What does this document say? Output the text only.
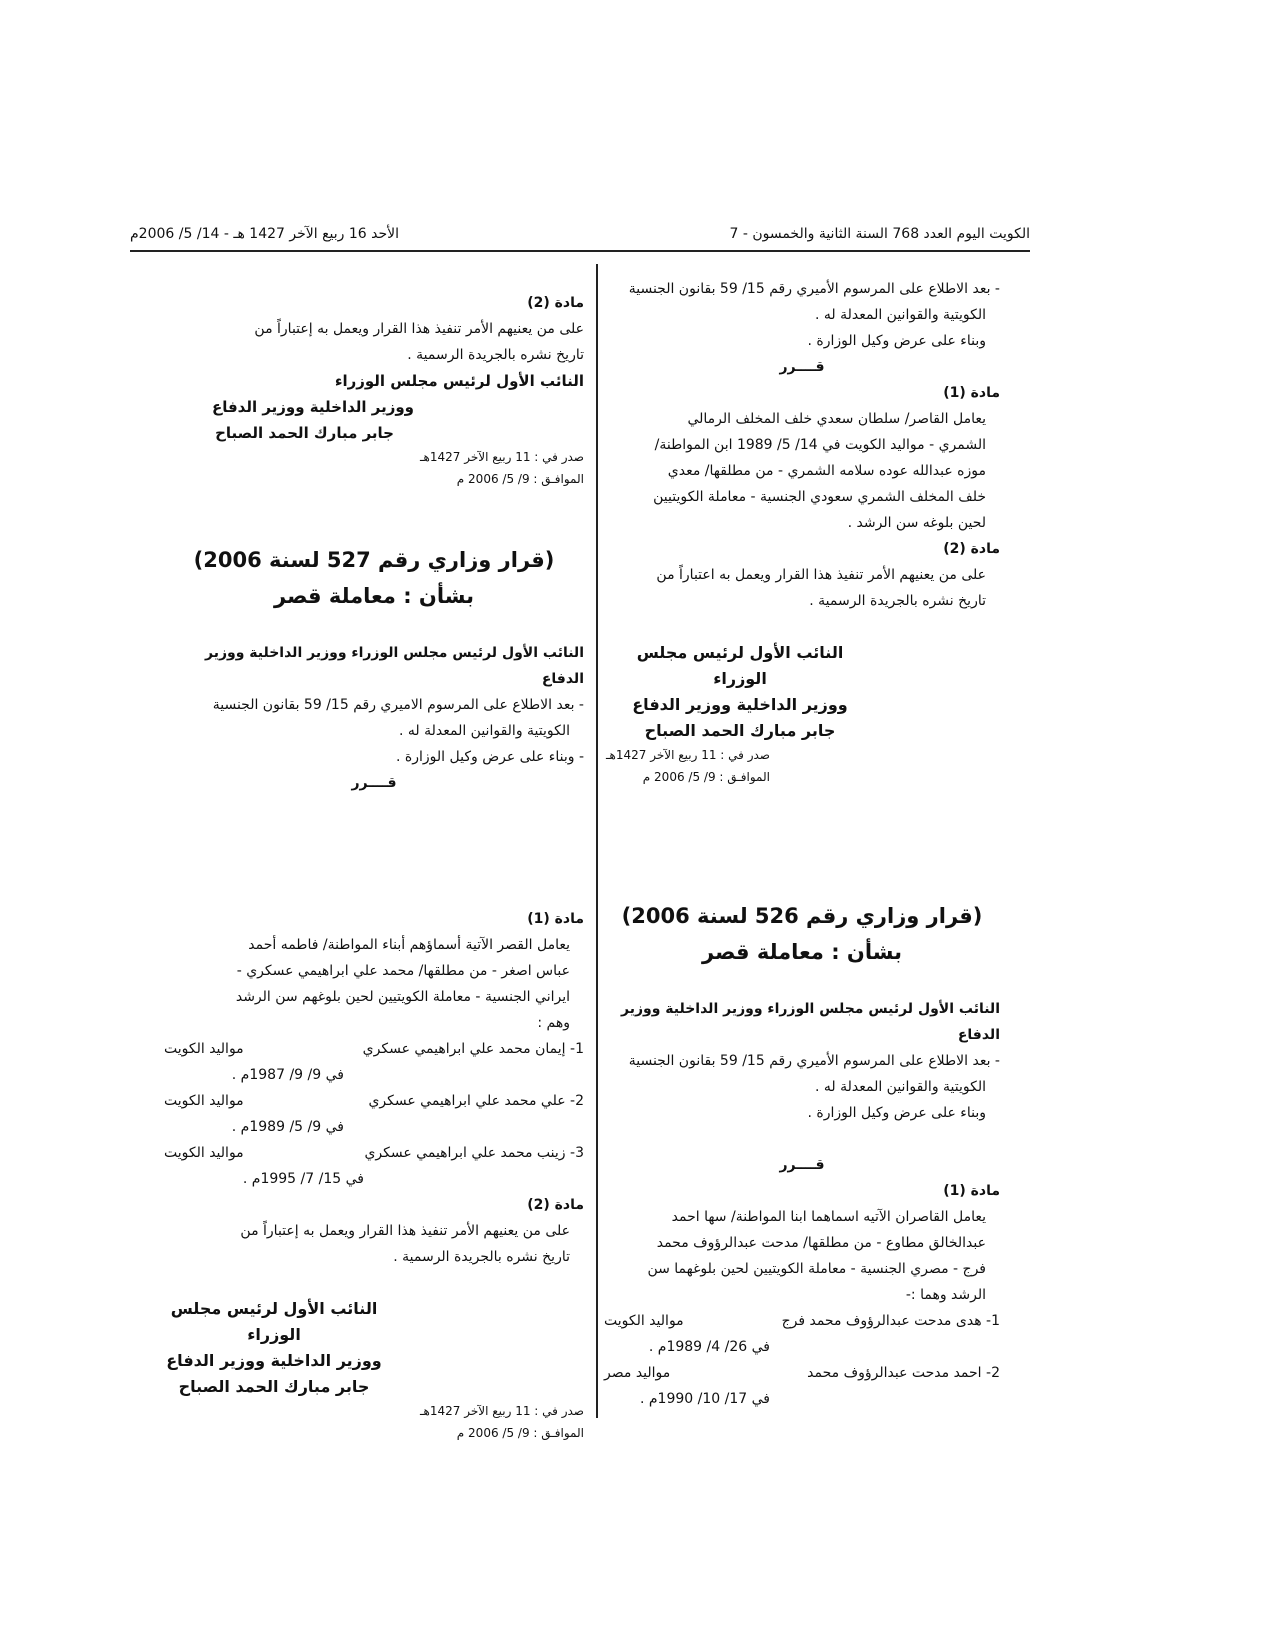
الكويت اليوم العدد 768 السنة الثانية والخمسون - 7
الأحد 16 ربيع الآخر 1427 هـ - 14/ 5/ 2006م
- بعد الاطلاع على المرسوم الأميري رقم 15/ 59 بقانون الجنسية
الكويتية والقوانين المعدلة له .
وبناء على عرض وكيل الوزارة .
قــــرر
مادة (1)
يعامل القاصر/ سلطان سعدي خلف المخلف الرمالي
الشمري - مواليد الكويت في 14/ 5/ 1989 ابن المواطنة/
موزه عبدالله عوده سلامه الشمري - من مطلقها/ معدي
خلف المخلف الشمري سعودي الجنسية - معاملة الكويتيين
لحين بلوغه سن الرشد .
مادة (2)
على من يعنيهم الأمر تنفيذ هذا القرار ويعمل به اعتباراً من
تاريخ نشره بالجريدة الرسمية .
النائب الأول لرئيس مجلس الوزراء
ووزير الداخلية ووزير الدفاع
جابر مبارك الحمد الصباح
صدر في : 11 ربيع الآخر 1427هـ
الموافـق : 9/ 5/ 2006 م
(قرار وزاري رقم 526 لسنة 2006)
بشأن : معاملة قصر
النائب الأول لرئيس مجلس الوزراء ووزير الداخلية ووزير الدفاع
- بعد الاطلاع على المرسوم الأميري رقم 15/ 59 بقانون الجنسية
الكويتية والقوانين المعدلة له .
وبناء على عرض وكيل الوزارة .
قــــرر
مادة (1)
يعامل القاصران الآتيه اسماهما ابنا المواطنة/ سها احمد
عبدالخالق مطاوع - من مطلقها/ مدحت عبدالرؤوف محمد
فرج - مصري الجنسية - معاملة الكويتيين لحين بلوغهما سن
الرشد وهما :-
1- هدى مدحت عبدالرؤوف محمد فرج
مواليد الكويت
في 26/ 4/ 1989م .
2- احمد مدحت عبدالرؤوف محمد
مواليد مصر
في 17/ 10/ 1990م .
مادة (2)
على من يعنيهم الأمر تنفيذ هذا القرار ويعمل به إعتباراً من
تاريخ نشره بالجريدة الرسمية .
النائب الأول لرئيس مجلس الوزراء
ووزير الداخلية ووزير الدفاع
جابر مبارك الحمد الصباح
صدر في : 11 ربيع الآخر 1427هـ
الموافـق : 9/ 5/ 2006 م
(قرار وزاري رقم 527 لسنة 2006)
بشأن : معاملة قصر
النائب الأول لرئيس مجلس الوزراء ووزير الداخلية ووزير الدفاع
- بعد الاطلاع على المرسوم الاميري رقم 15/ 59 بقانون الجنسية
الكويتية والقوانين المعدلة له .
- وبناء على عرض وكيل الوزارة .
قــــرر
مادة (1)
يعامل القصر الآتية أسماؤهم أبناء المواطنة/ فاطمه أحمد
عباس اصغر - من مطلقها/ محمد علي ابراهيمي عسكري -
ايراني الجنسية - معاملة الكويتيين لحين بلوغهم سن الرشد
وهم :
1- إيمان محمد علي ابراهيمي عسكري
مواليد الكويت
في 9/ 9/ 1987م .
2- علي محمد علي ابراهيمي عسكري
مواليد الكويت
في 9/ 5/ 1989م .
3- زينب محمد علي ابراهيمي عسكري
مواليد الكويت
في 15/ 7/ 1995م .
مادة (2)
على من يعنيهم الأمر تنفيذ هذا القرار ويعمل به إعتباراً من
تاريخ نشره بالجريدة الرسمية .
النائب الأول لرئيس مجلس الوزراء
ووزير الداخلية ووزير الدفاع
جابر مبارك الحمد الصباح
صدر في : 11 ربيع الآخر 1427هـ
الموافـق : 9/ 5/ 2006 م
